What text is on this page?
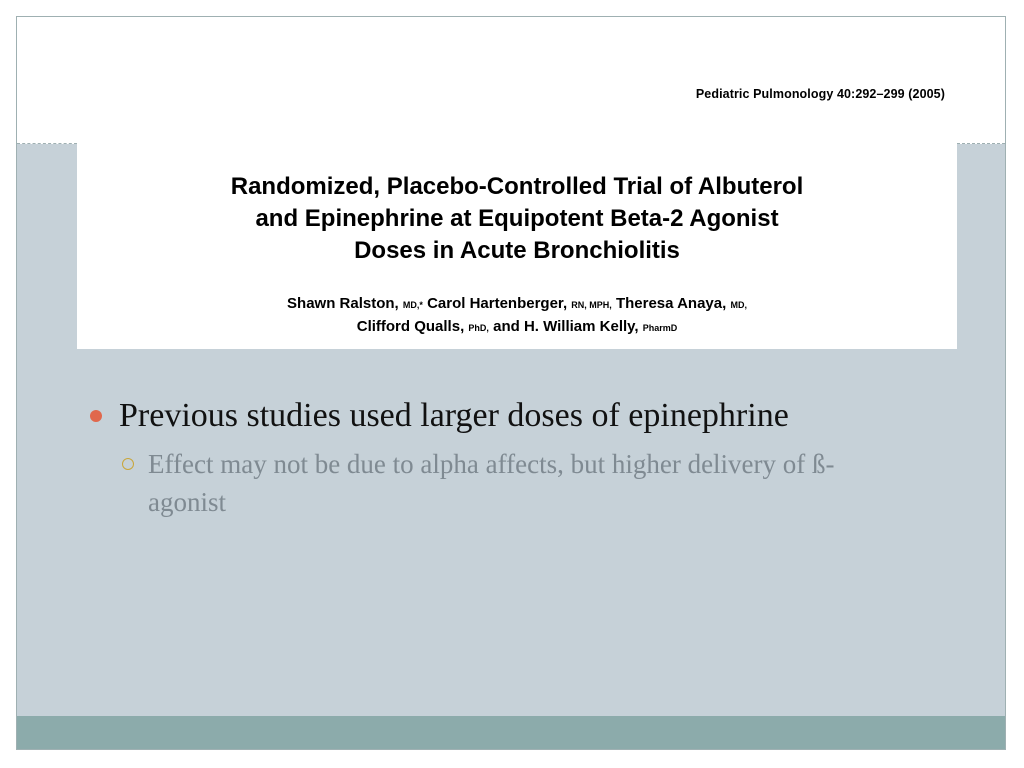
Pediatric Pulmonology 40:292–299 (2005)
Randomized, Placebo-Controlled Trial of Albuterol
and Epinephrine at Equipotent Beta-2 Agonist
Doses in Acute Bronchiolitis
Shawn Ralston, MD,* Carol Hartenberger, RN, MPH, Theresa Anaya, MD,
Clifford Qualls, PhD, and H. William Kelly, PharmD
Previous studies used larger doses of epinephrine
Effect may not be due to alpha affects, but higher delivery of ß-agonist
